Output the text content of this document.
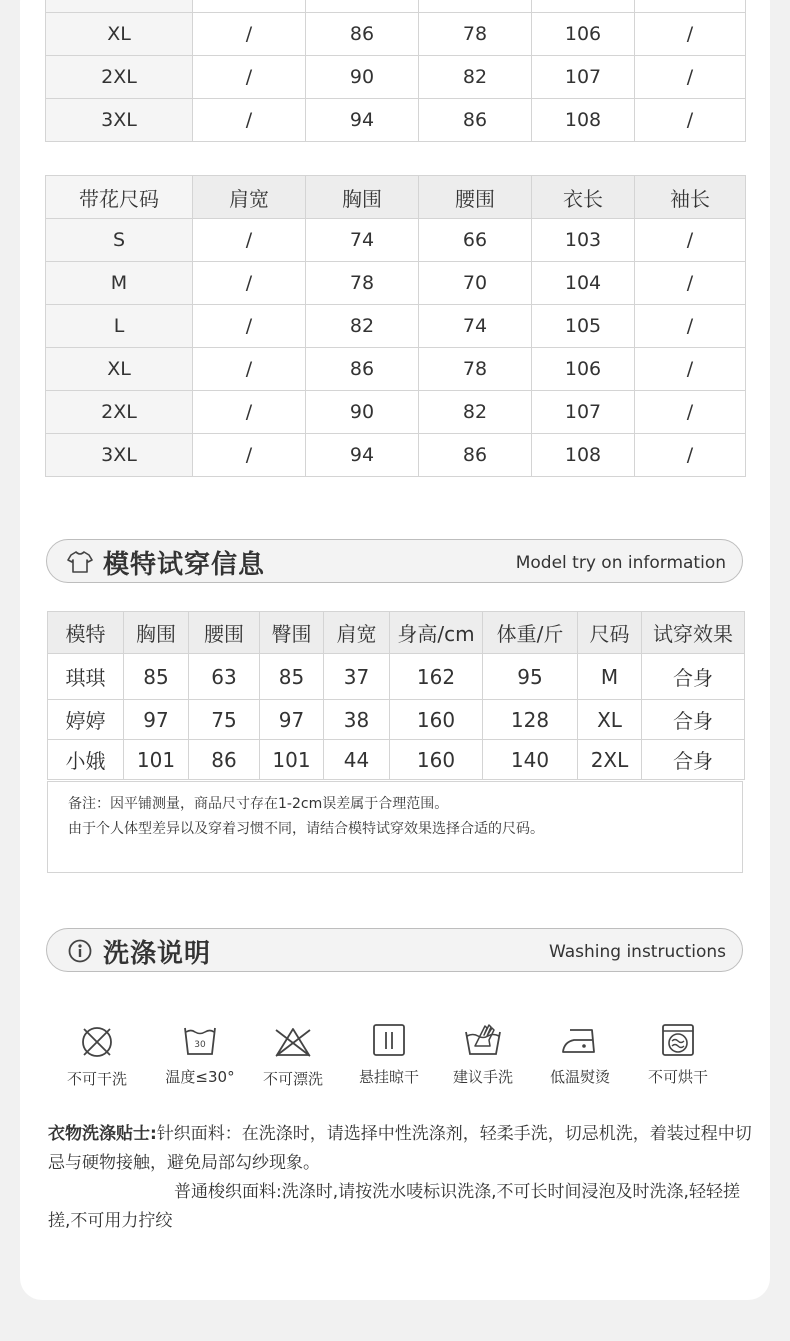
XL	/	86	78	106	/
2XL	/	90	82	107	/
3XL	/	94	86	108	/
带花尺码	肩宽	胸围	腰围	衣长	袖长
S	/	74	66	103	/
M	/	78	70	104	/
L	/	82	74	105	/
XL	/	86	78	106	/
2XL	/	90	82	107	/
3XL	/	94	86	108	/
模特试穿信息	Model try on information
模特	胸围	腰围	臀围	肩宽	身高/cm	体重/斤	尺码	试穿效果
琪琪	85	63	85	37	162	95	M	合身
婷婷	97	75	97	38	160	128	XL	合身
小娥	101	86	101	44	160	140	2XL	合身
备注：因平铺测量，商品尺寸存在1-2cm误差属于合理范围。
由于个人体型差异以及穿着习惯不同，请结合模特试穿效果选择合适的尺码。
洗涤说明	Washing instructions
不可干洗
30
温度≤30°	不可漂洗	悬挂晾干	建议手洗	低温熨烫	不可烘干
衣物洗涤贴士:针织面料：在洗涤时，请选择中性洗涤剂，轻柔手洗，切忌机洗，着装过程中切忌与硬物接触，避免局部勾纱现象。
普通梭织面料:洗涤时,请按洗水唛标识洗涤,不可长时间浸泡及时洗涤,轻轻搓搓,不可用力拧绞
